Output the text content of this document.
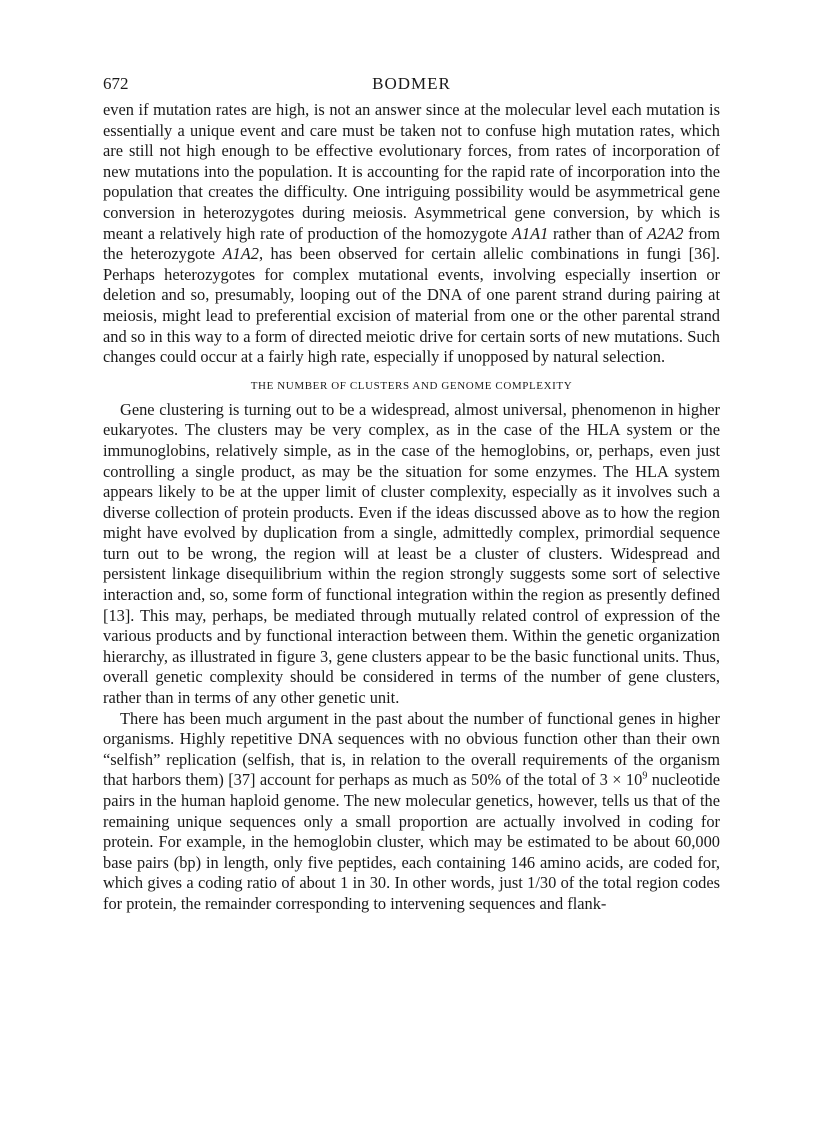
672	BODMER

even if mutation rates are high, is not an answer since at the molecular level each mutation is essentially a unique event and care must be taken not to confuse high mutation rates, which are still not high enough to be effective evolutionary forces, from rates of incorporation of new mutations into the population. It is accounting for the rapid rate of incorporation into the population that creates the difficulty. One intriguing possibility would be asymmetrical gene conversion in heterozygotes during meiosis. Asymmetrical gene conversion, by which is meant a relatively high rate of production of the homozygote A1A1 rather than of A2A2 from the heterozygote A1A2, has been observed for certain allelic combinations in fungi [36]. Perhaps heterozygotes for complex mutational events, involving especially insertion or deletion and so, presumably, looping out of the DNA of one parent strand during pairing at meiosis, might lead to preferential excision of material from one or the other parental strand and so in this way to a form of directed meiotic drive for certain sorts of new mutations. Such changes could occur at a fairly high rate, especially if unopposed by natural selection.

THE NUMBER OF CLUSTERS AND GENOME COMPLEXITY

Gene clustering is turning out to be a widespread, almost universal, phenomenon in higher eukaryotes. The clusters may be very complex, as in the case of the HLA system or the immunoglobins, relatively simple, as in the case of the hemoglobins, or, perhaps, even just controlling a single product, as may be the situation for some enzymes. The HLA system appears likely to be at the upper limit of cluster complexity, especially as it involves such a diverse collection of protein products. Even if the ideas discussed above as to how the region might have evolved by duplication from a single, admittedly complex, primordial sequence turn out to be wrong, the region will at least be a cluster of clusters. Widespread and persistent linkage disequilibrium within the region strongly suggests some sort of selective interaction and, so, some form of functional integration within the region as presently defined [13]. This may, perhaps, be mediated through mutually related control of expression of the various products and by functional interaction between them. Within the genetic organization hierarchy, as illustrated in figure 3, gene clusters appear to be the basic functional units. Thus, overall genetic complexity should be considered in terms of the number of gene clusters, rather than in terms of any other genetic unit.

There has been much argument in the past about the number of functional genes in higher organisms. Highly repetitive DNA sequences with no obvious function other than their own “selfish” replication (selfish, that is, in relation to the overall requirements of the organism that harbors them) [37] account for perhaps as much as 50% of the total of $3 \times 10^9$ nucleotide pairs in the human haploid genome. The new molecular genetics, however, tells us that of the remaining unique sequences only a small proportion are actually involved in coding for protein. For example, in the hemoglobin cluster, which may be estimated to be about 60,000 base pairs (bp) in length, only five peptides, each containing 146 amino acids, are coded for, which gives a coding ratio of about 1 in 30. In other words, just 1/30 of the total region codes for protein, the remainder corresponding to intervening sequences and flank-
